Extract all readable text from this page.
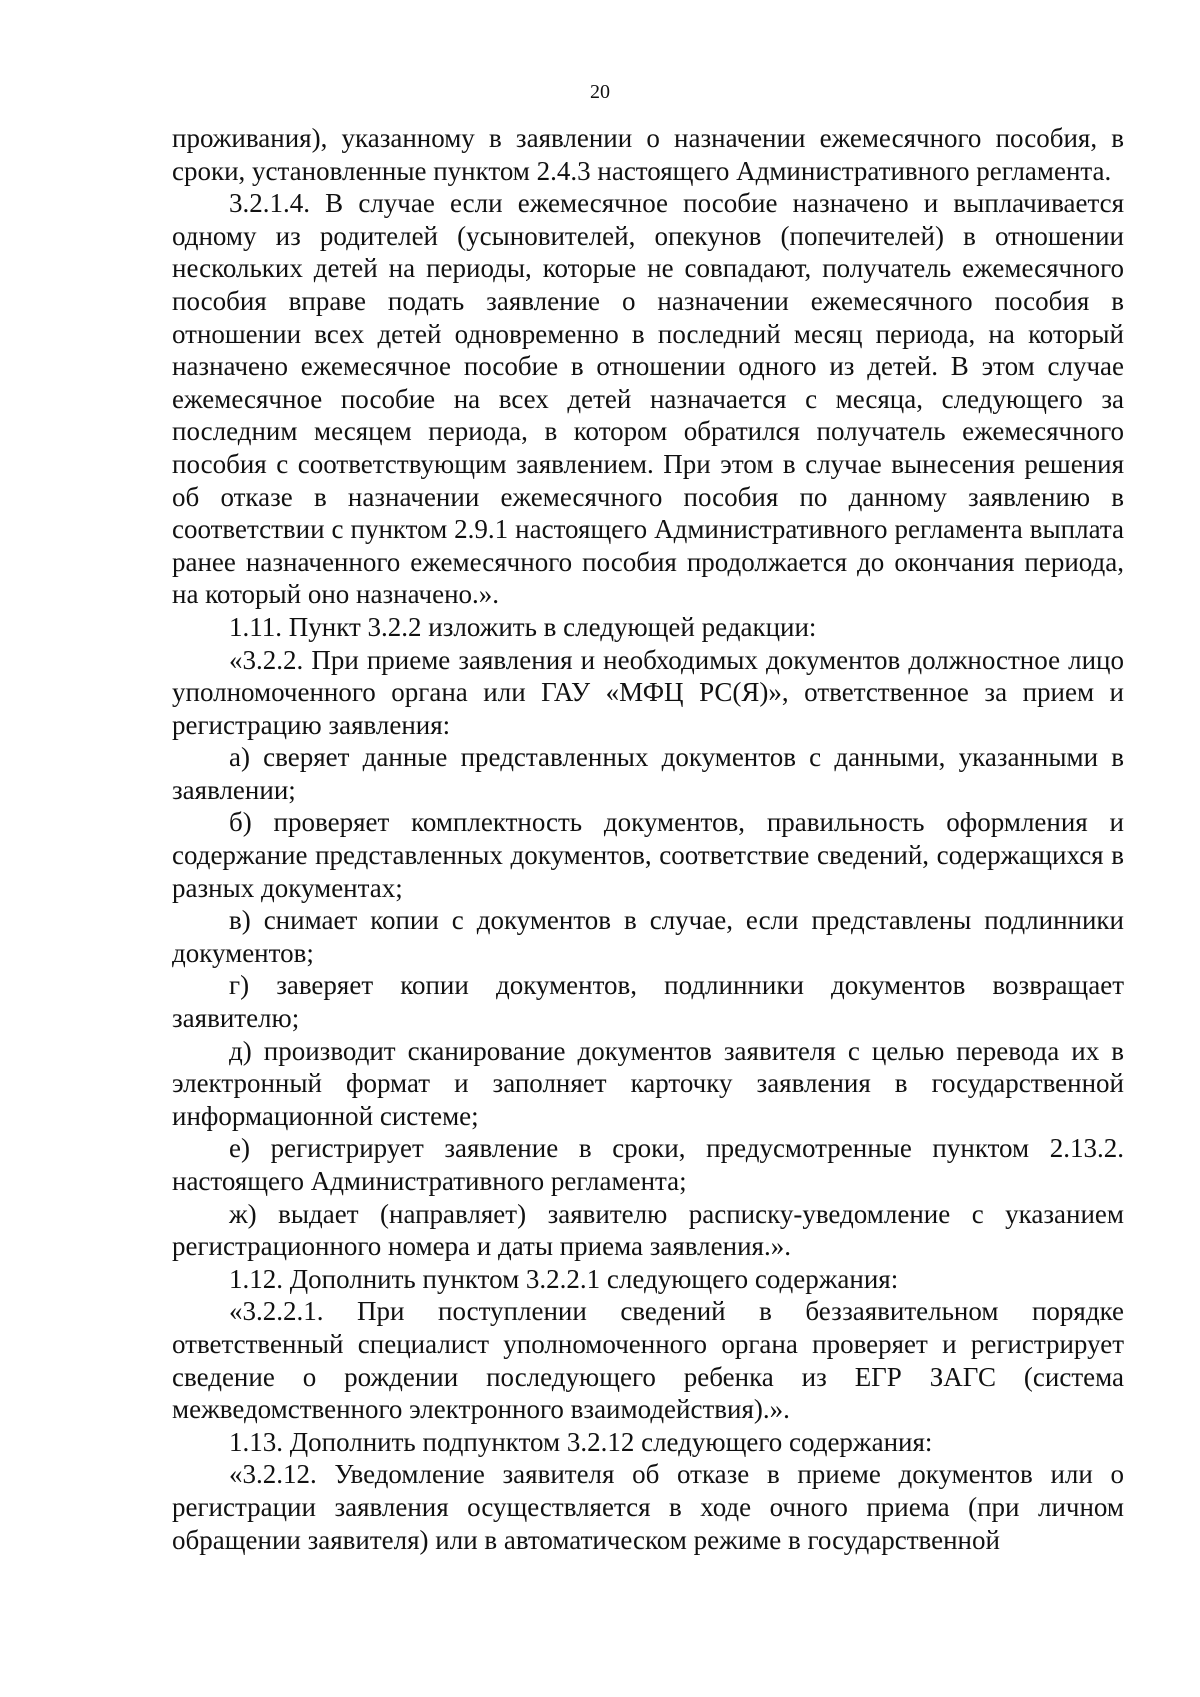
20

проживания), указанному в заявлении о назначении ежемесячного пособия, в сроки, установленные пунктом 2.4.3 настоящего Административного регламента.

3.2.1.4. В случае если ежемесячное пособие назначено и выплачивается одному из родителей (усыновителей, опекунов (попечителей) в отношении нескольких детей на периоды, которые не совпадают, получатель ежемесячного пособия вправе подать заявление о назначении ежемесячного пособия в отношении всех детей одновременно в последний месяц периода, на который назначено ежемесячное пособие в отношении одного из детей. В этом случае ежемесячное пособие на всех детей назначается с месяца, следующего за последним месяцем периода, в котором обратился получатель ежемесячного пособия с соответствующим заявлением. При этом в случае вынесения решения об отказе в назначении ежемесячного пособия по данному заявлению в соответствии с пунктом 2.9.1 настоящего Административного регламента выплата ранее назначенного ежемесячного пособия продолжается до окончания периода, на который оно назначено.».

1.11. Пункт 3.2.2 изложить в следующей редакции:

«3.2.2. При приеме заявления и необходимых документов должностное лицо уполномоченного органа или ГАУ «МФЦ РС(Я)», ответственное за прием и регистрацию заявления:

а) сверяет данные представленных документов с данными, указанными в заявлении;

б) проверяет комплектность документов, правильность оформления и содержание представленных документов, соответствие сведений, содержащихся в разных документах;

в) снимает копии с документов в случае, если представлены подлинники документов;

г) заверяет копии документов, подлинники документов возвращает заявителю;

д) производит сканирование документов заявителя с целью перевода их в электронный формат и заполняет карточку заявления в государственной информационной системе;

е) регистрирует заявление в сроки, предусмотренные пунктом 2.13.2. настоящего Административного регламента;

ж) выдает (направляет) заявителю расписку-уведомление с указанием регистрационного номера и даты приема заявления.».

1.12. Дополнить пунктом 3.2.2.1 следующего содержания:

«3.2.2.1. При поступлении сведений в беззаявительном порядке ответственный специалист уполномоченного органа проверяет и регистрирует сведение о рождении последующего ребенка из ЕГР ЗАГС (система межведомственного электронного взаимодействия).».

1.13. Дополнить подпунктом 3.2.12 следующего содержания:

«3.2.12. Уведомление заявителя об отказе в приеме документов или о регистрации заявления осуществляется в ходе очного приема (при личном обращении заявителя) или в автоматическом режиме в государственной
